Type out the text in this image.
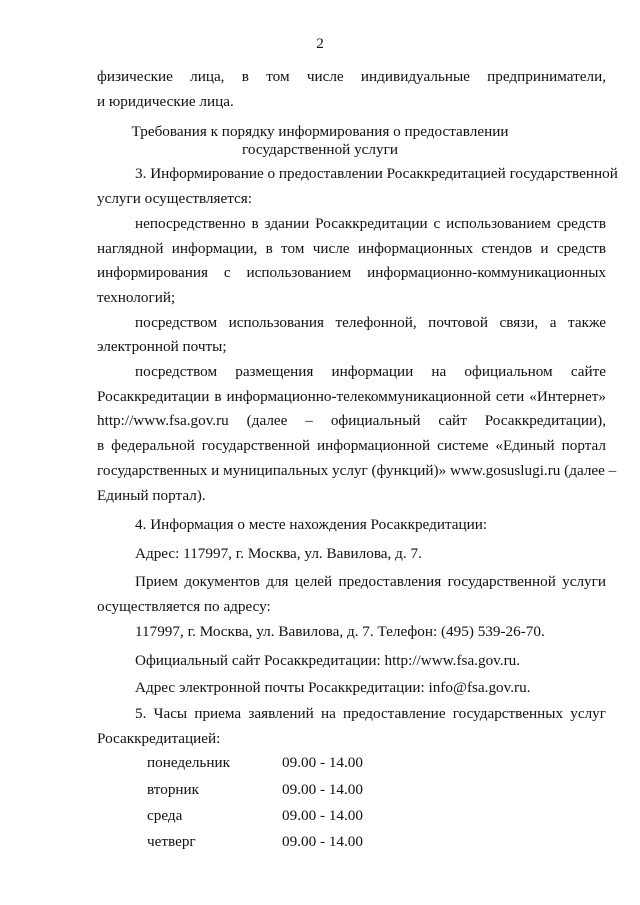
2
физические лица, в том числе индивидуальные предприниматели,
и юридические лица.
Требования к порядку информирования о предоставлении
государственной услуги
3. Информирование о предоставлении Росаккредитацией государственной
услуги осуществляется:
непосредственно в здании Росаккредитации с использованием средств
наглядной информации, в том числе информационных стендов и средств
информирования с использованием информационно-коммуникационных
технологий;
посредством использования телефонной, почтовой связи, а также
электронной почты;
посредством размещения информации на официальном сайте
Росаккредитации в информационно-телекоммуникационной сети «Интернет»
http://www.fsa.gov.ru (далее – официальный сайт Росаккредитации),
в федеральной государственной информационной системе «Единый портал
государственных и муниципальных услуг (функций)» www.gosuslugi.ru (далее –
Единый портал).
4. Информация о месте нахождения Росаккредитации:
Адрес: 117997, г. Москва, ул. Вавилова, д. 7.
Прием документов для целей предоставления государственной услуги
осуществляется по адресу:
117997, г. Москва, ул. Вавилова, д. 7. Телефон: (495) 539-26-70.
Официальный сайт Росаккредитации: http://www.fsa.gov.ru.
Адрес электронной почты Росаккредитации: info@fsa.gov.ru.
5. Часы приема заявлений на предоставление государственных услуг
Росаккредитацией:
понедельник	09.00 - 14.00
вторник	09.00 - 14.00
среда	09.00 - 14.00
четверг	09.00 - 14.00
